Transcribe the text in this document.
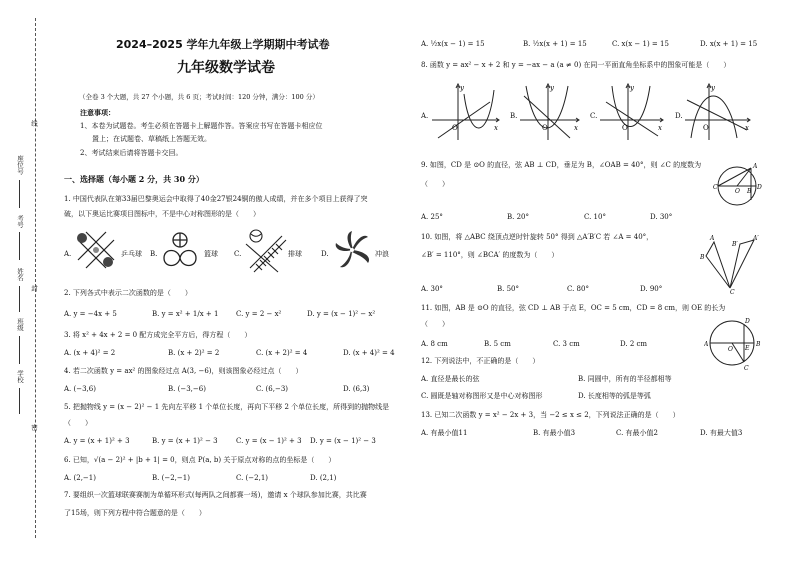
线
座位号
考号
姓名
封
班级
学校
密
2024–2025 学年九年级上学期期中考试卷
九年级数学试卷
（全卷 3 个大题，共 27 个小题，共 6 页；考试时间：120 分钟，满分：100 分）
注意事项：
1、本卷为试题卷。考生必须在答题卡上解题作答。答案应书写在答题卡相应位
置上；在试题卷、草稿纸上答题无效。
2、考试结束后请将答题卡交回。
一、选择题（每小题 2 分，共 30 分）
1. 中国代表队在第33届巴黎奥运会中取得了40金27银24铜的傲人成绩，并在多个项目上获得了突
破，以下奥运比赛项目图标中，不是中心对称图形的是（　　）
A.	乒乓球 B.	篮球 C.	排球	D.	冲浪
2. 下列各式中表示二次函数的是（　　）
A. y = −4x + 5	B. y = x² + 1/x + 1	C. y = 2 − x²	D. y = (x − 1)² − x²
3. 将 x² + 4x + 2 = 0 配方成完全平方后，得方程（　　）
A. (x + 4)² = 2	B. (x + 2)² = 2	C. (x + 2)² = 4	D. (x + 4)² = 4
4. 若二次函数 y = ax² 的图象经过点 A(3, −6)，则该图象必经过点（　　）
A. (−3,6)	B. (−3,−6)	C. (6,−3)	D. (6,3)
5. 把抛物线 y = (x − 2)² − 1 先向左平移 1 个单位长度，再向下平移 2 个单位长度，所得到的抛物线是
（　　）
A. y = (x + 1)² + 3	B. y = (x + 1)² − 3	C. y = (x − 1)² + 3 D. y = (x − 1)² − 3
6. 已知，√(a − 2)² + |b + 1| = 0，则点 P(a, b) 关于原点对称的点的坐标是（　　）
A. (2,−1)	B. (−2,−1)	C. (−2,1)	D. (2,1)
7. 要组织一次篮球联赛赛制为单循环形式(每两队之间都赛一场)，邀请 x 个球队参加比赛，共比赛
了15场，则下列方程中符合题意的是（　　）
A. ½x(x − 1) = 15	B. ½x(x + 1) = 15	C. x(x − 1) = 15	D. x(x + 1) = 15
8. 函数 y = ax² − x + 2 和 y = −ax − a (a ≠ 0) 在同一平面直角坐标系中的图象可能是（　　）
A.
O
y
x
B.
O
y
x
C.
O
y
x
D.
O
y
x
9. 如图，CD 是 ⊙O 的直径，弦 AB ⊥ CD，垂足为 B，∠OAB = 40°，则 ∠C 的度数为
（　　）	C
O B
D
A
A. 25°	B. 20°	C. 10°	D. 30°
10. 如图，将 △ABC 绕顶点逆时针旋转 50° 得到 △A′B′C 若 ∠A = 40°，
∠B′ = 110°，则 ∠BCA′ 的度数为（　　）
A
B
C
B′
A′
A. 30°	B. 50°	C. 80°	D. 90°
11. 如图，AB 是 ⊙O 的直径，弦 CD ⊥ AB 于点 E，OC = 5 cm，CD = 8 cm，则 OE 的长为
（　　）
A	B
O E
D
C
A. 8 cm	B. 5 cm	C. 3 cm	D. 2 cm
12. 下列说法中，不正确的是（　　）
A. 直径是最长的弦	B. 同圆中，所有的半径都相等
C. 圆既是轴对称图形又是中心对称图形	D. 长度相等的弧是等弧
13. 已知二次函数 y = x² − 2x + 3，当 −2 ≤ x ≤ 2，下列说法正确的是（　　）
A. 有最小值11	B. 有最小值3	C. 有最小值2	D. 有最大值3
